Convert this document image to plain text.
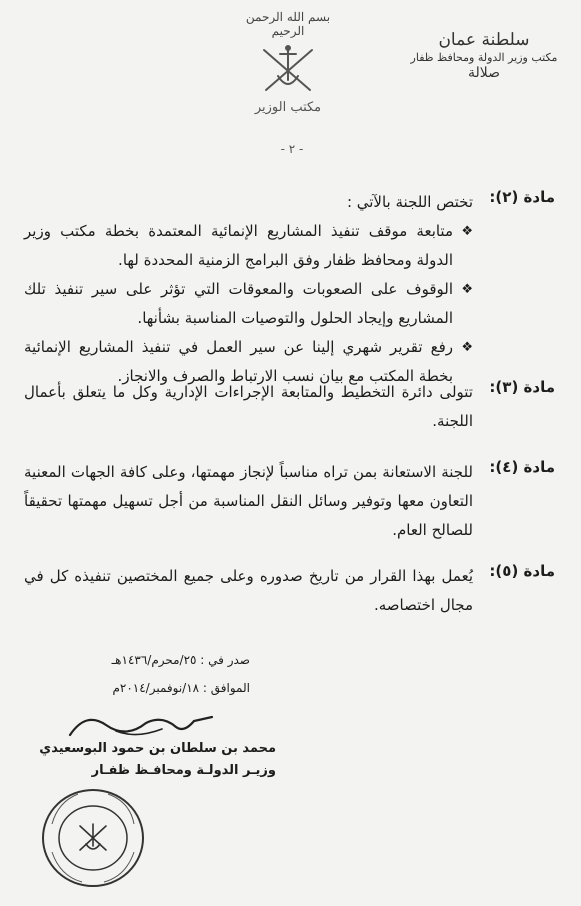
سلطنة عمان
مكتب وزير الدولة ومحافظ ظفار
صلالة
بسم الله الرحمن الرحيم
مكتب الوزير
- ٢ -
مادة (٢):
تختص اللجنة بالآتي :
❖
متابعة موقف تنفيذ المشاريع الإنمائية المعتمدة بخطة مكتب وزير الدولة ومحافظ ظفار وفق البرامج الزمنية المحددة لها.
❖
الوقوف على الصعوبات والمعوقات التي تؤثر على سير تنفيذ تلك المشاريع وإيجاد الحلول والتوصيات المناسبة بشأنها.
❖
رفع تقرير شهري إلينا عن سير العمل في تنفيذ المشاريع الإنمائية بخطة المكتب مع بيان نسب الارتباط والصرف والانجاز.
مادة (٣):
تتولى دائرة التخطيط والمتابعة الإجراءات الإدارية وكل ما يتعلق بأعمال اللجنة.
مادة (٤):
للجنة الاستعانة بمن تراه مناسباً لإنجاز مهمتها، وعلى كافة الجهات المعنية التعاون معها وتوفير وسائل النقل المناسبة من أجل تسهيل مهمتها تحقيقاً للصالح العام.
مادة (٥):
يُعمل بهذا القرار من تاريخ صدوره وعلى جميع المختصين تنفيذه كل في مجال اختصاصه.
صدر في : ٢٥/محرم/١٤٣٦هـ
الموافق : ١٨/نوفمبر/٢٠١٤م
محمد بن سلطان بن حمود البوسعيدي
وزيـر الدولـة ومحافـظ ظفـار
